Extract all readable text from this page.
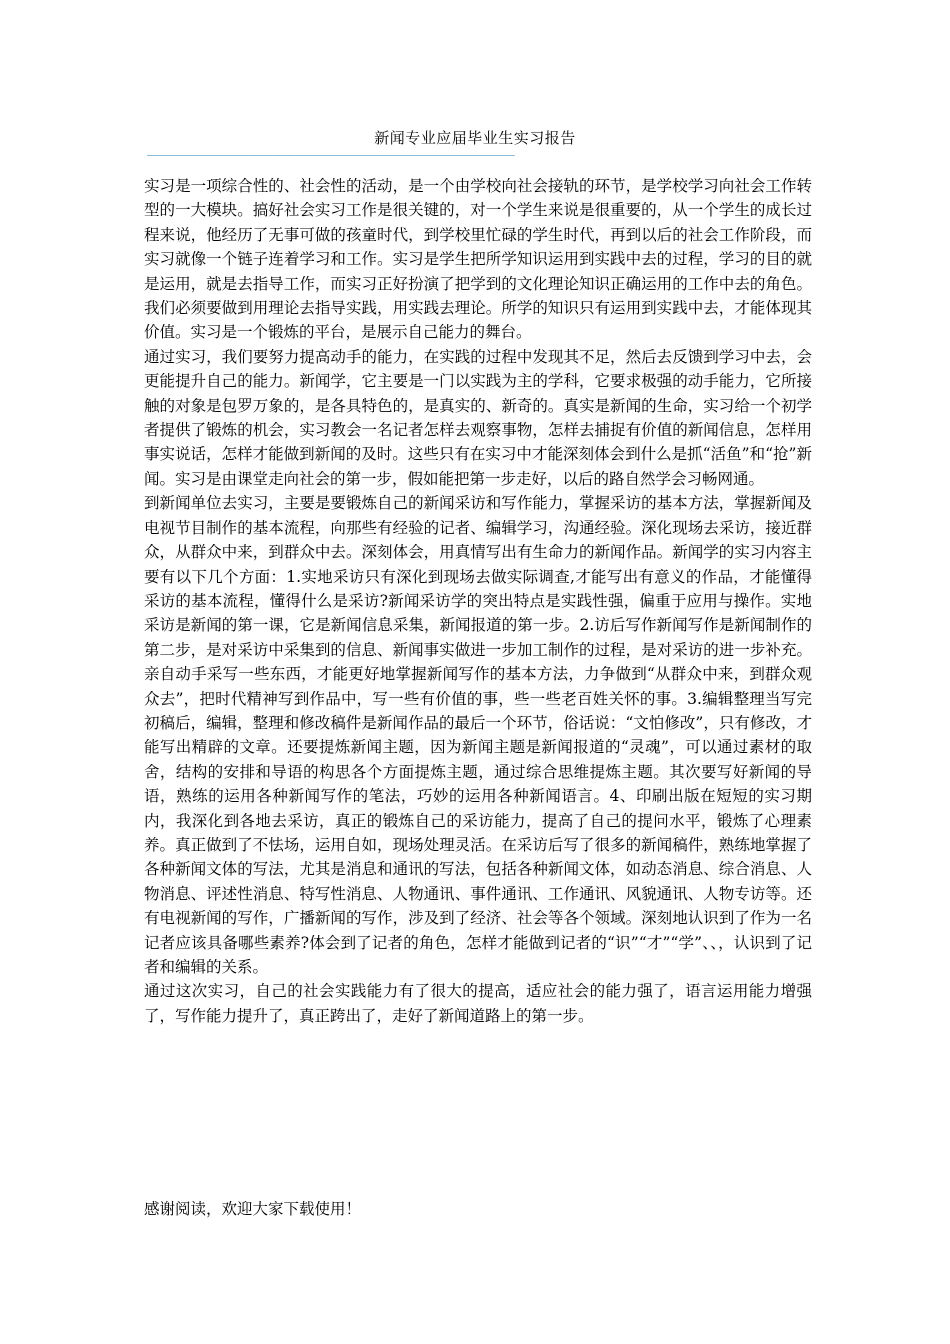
新闻专业应届毕业生实习报告
———————————————————————————————————————————————

实习是一项综合性的、社会性的活动，是一个由学校向社会接轨的环节，是学校学习向社会工作转型的一大模块。搞好社会实习工作是很关键的，对一个学生来说是很重要的，从一个学生的成长过程来说，他经历了无事可做的孩童时代，到学校里忙碌的学生时代，再到以后的社会工作阶段，而实习就像一个链子连着学习和工作。实习是学生把所学知识运用到实践中去的过程，学习的目的就是运用，就是去指导工作，而实习正好扮演了把学到的文化理论知识正确运用的工作中去的角色。我们必须要做到用理论去指导实践，用实践去理论。所学的知识只有运用到实践中去，才能体现其价值。实习是一个锻炼的平台，是展示自己能力的舞台。

通过实习，我们要努力提高动手的能力，在实践的过程中发现其不足，然后去反馈到学习中去，会更能提升自己的能力。新闻学，它主要是一门以实践为主的学科，它要求极强的动手能力，它所接触的对象是包罗万象的，是各具特色的，是真实的、新奇的。真实是新闻的生命，实习给一个初学者提供了锻炼的机会，实习教会一名记者怎样去观察事物，怎样去捕捉有价值的新闻信息，怎样用事实说话，怎样才能做到新闻的及时。这些只有在实习中才能深刻体会到什么是抓“活鱼”和“抢”新闻。实习是由课堂走向社会的第一步，假如能把第一步走好，以后的路自然学会习畅网通。

到新闻单位去实习，主要是要锻炼自己的新闻采访和写作能力，掌握采访的基本方法，掌握新闻及电视节目制作的基本流程，向那些有经验的记者、编辑学习，沟通经验。深化现场去采访，接近群众，从群众中来，到群众中去。深刻体会，用真情写出有生命力的新闻作品。新闻学的实习内容主要有以下几个方面：1.实地采访只有深化到现场去做实际调查,才能写出有意义的作品，才能懂得采访的基本流程，懂得什么是采访?新闻采访学的突出特点是实践性强，偏重于应用与操作。实地采访是新闻的第一课，它是新闻信息采集，新闻报道的第一步。2.访后写作新闻写作是新闻制作的第二步，是对采访中采集到的信息、新闻事实做进一步加工制作的过程，是对采访的进一步补充。亲自动手采写一些东西，才能更好地掌握新闻写作的基本方法，力争做到“从群众中来，到群众观众去”，把时代精神写到作品中，写一些有价值的事，些一些老百姓关怀的事。3.编辑整理当写完初稿后，编辑，整理和修改稿件是新闻作品的最后一个环节，俗话说：“文怕修改”，只有修改，才能写出精辟的文章。还要提炼新闻主题，因为新闻主题是新闻报道的“灵魂”，可以通过素材的取舍，结构的安排和导语的构思各个方面提炼主题，通过综合思维提炼主题。其次要写好新闻的导语，熟练的运用各种新闻写作的笔法，巧妙的运用各种新闻语言。4、印刷出版在短短的实习期内，我深化到各地去采访，真正的锻炼自己的采访能力，提高了自己的提问水平，锻炼了心理素养。真正做到了不怯场，运用自如，现场处理灵活。在采访后写了很多的新闻稿件，熟练地掌握了各种新闻文体的写法，尤其是消息和通讯的写法，包括各种新闻文体，如动态消息、综合消息、人物消息、评述性消息、特写性消息、人物通讯、事件通讯、工作通讯、风貌通讯、人物专访等。还有电视新闻的写作，广播新闻的写作，涉及到了经济、社会等各个领域。深刻地认识到了作为一名记者应该具备哪些素养?体会到了记者的角色，怎样才能做到记者的“识”“才”“学”、、，认识到了记者和编辑的关系。

通过这次实习，自己的社会实践能力有了很大的提高，适应社会的能力强了，语言运用能力增强了，写作能力提升了，真正跨出了，走好了新闻道路上的第一步。

感谢阅读，欢迎大家下载使用！
